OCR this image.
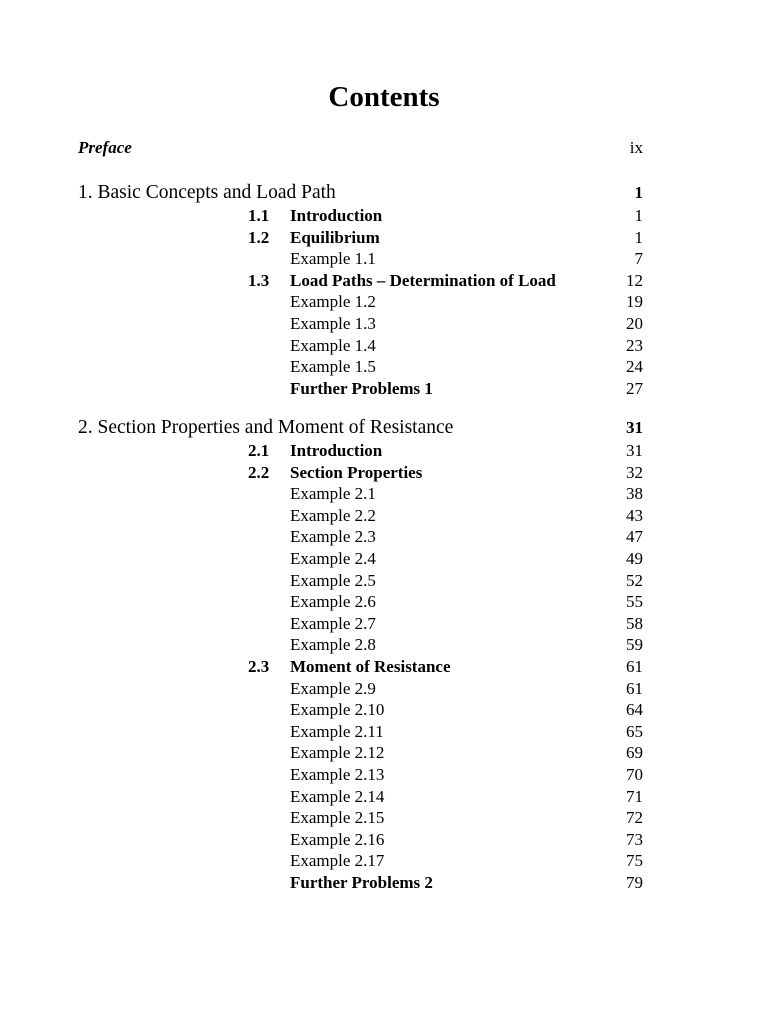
Contents
Preface	ix
1. Basic Concepts and Load Path	1
1.1 Introduction	1
1.2 Equilibrium	1
Example 1.1	7
1.3 Load Paths – Determination of Load	12
Example 1.2	19
Example 1.3	20
Example 1.4	23
Example 1.5	24
Further Problems 1	27
2. Section Properties and Moment of Resistance	31
2.1 Introduction	31
2.2 Section Properties	32
Example 2.1	38
Example 2.2	43
Example 2.3	47
Example 2.4	49
Example 2.5	52
Example 2.6	55
Example 2.7	58
Example 2.8	59
2.3 Moment of Resistance	61
Example 2.9	61
Example 2.10	64
Example 2.11	65
Example 2.12	69
Example 2.13	70
Example 2.14	71
Example 2.15	72
Example 2.16	73
Example 2.17	75
Further Problems 2	79
